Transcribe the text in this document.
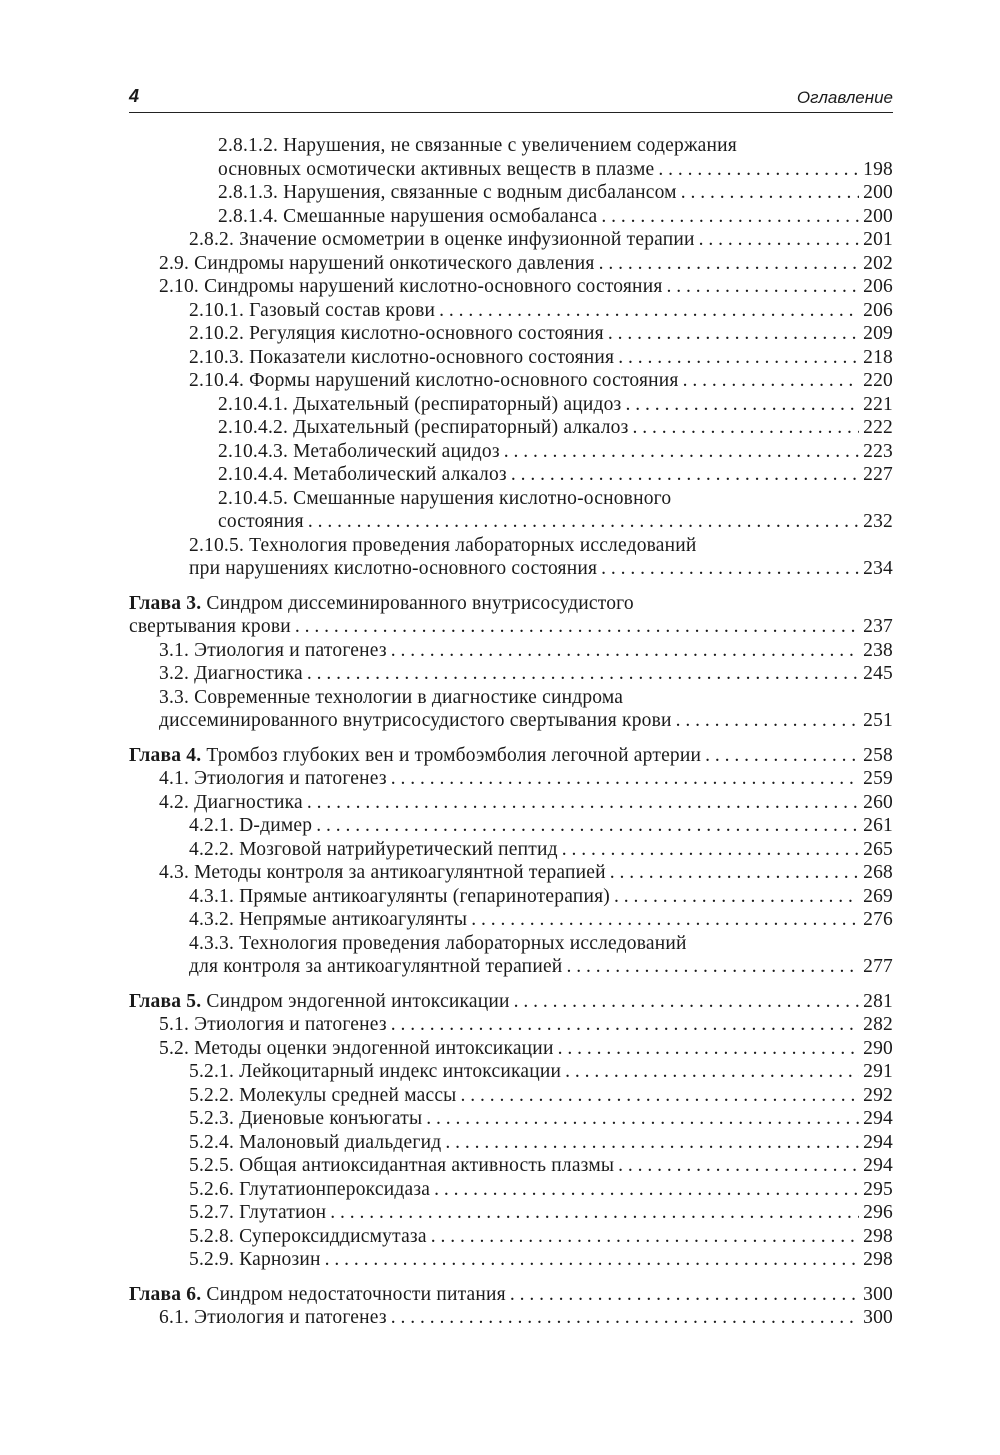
4	Оглавление
2.8.1.2. Нарушения, не связанные с увеличением содержания
основных осмотически активных веществ в плазме . . .	198
2.8.1.3. Нарушения, связанные с водным дисбалансом . . .	200
2.8.1.4. Смешанные нарушения осмобаланса . . .	200
2.8.2. Значение осмометрии в оценке инфузионной терапии . . .	201
2.9. Синдромы нарушений онкотического давления . . .	202
2.10. Синдромы нарушений кислотно-основного состояния . . .	206
2.10.1. Газовый состав крови . . .	206
2.10.2. Регуляция кислотно-основного состояния . . .	209
2.10.3. Показатели кислотно-основного состояния . . .	218
2.10.4. Формы нарушений кислотно-основного состояния . . .	220
2.10.4.1. Дыхательный (респираторный) ацидоз . . .	221
2.10.4.2. Дыхательный (респираторный) алкалоз . . .	222
2.10.4.3. Метаболический ацидоз . . .	223
2.10.4.4. Метаболический алкалоз . . .	227
2.10.4.5. Смешанные нарушения кислотно-основного
состояния . . .	232
2.10.5. Технология проведения лабораторных исследований
при нарушениях кислотно-основного состояния . . .	234
Глава 3. Синдром диссеминированного внутрисосудистого
свертывания крови . . .	237
3.1. Этиология и патогенез . . .	238
3.2. Диагностика . . .	245
3.3. Современные технологии в диагностике синдрома
диссеминированного внутрисосудистого свертывания крови . . .	251
Глава 4. Тромбоз глубоких вен и тромбоэмболия легочной артерии . . .	258
4.1. Этиология и патогенез . . .	259
4.2. Диагностика . . .	260
4.2.1. D-димер . . .	261
4.2.2. Мозговой натрийуретический пептид . . .	265
4.3. Методы контроля за антикоагулянтной терапией . . .	268
4.3.1. Прямые антикоагулянты (гепаринотерапия) . . .	269
4.3.2. Непрямые антикоагулянты . . .	276
4.3.3. Технология проведения лабораторных исследований
для контроля за антикоагулянтной терапией . . .	277
Глава 5. Синдром эндогенной интоксикации . . .	281
5.1. Этиология и патогенез . . .	282
5.2. Методы оценки эндогенной интоксикации . . .	290
5.2.1. Лейкоцитарный индекс интоксикации . . .	291
5.2.2. Молекулы средней массы . . .	292
5.2.3. Диеновые конъюгаты . . .	294
5.2.4. Малоновый диальдегид . . .	294
5.2.5. Общая антиоксидантная активность плазмы . . .	294
5.2.6. Глутатионпероксидаза . . .	295
5.2.7. Глутатион . . .	296
5.2.8. Супероксиддисмутаза . . .	298
5.2.9. Карнозин . . .	298
Глава 6. Синдром недостаточности питания . . .	300
6.1. Этиология и патогенез . . .	300
